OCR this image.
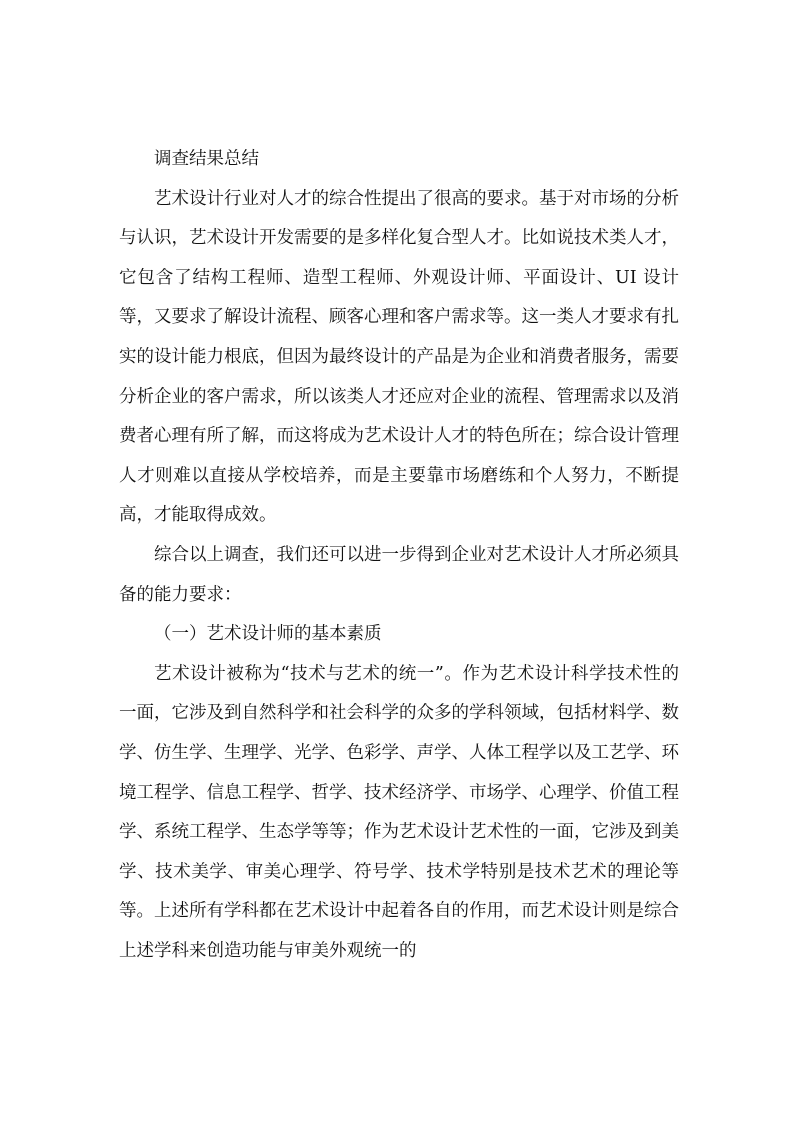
调查结果总结

艺术设计行业对人才的综合性提出了很高的要求。基于对市场的分析与认识，艺术设计开发需要的是多样化复合型人才。比如说技术类人才，它包含了结构工程师、造型工程师、外观设计师、平面设计、UI 设计等，又要求了解设计流程、顾客心理和客户需求等。这一类人才要求有扎实的设计能力根底，但因为最终设计的产品是为企业和消费者服务，需要分析企业的客户需求，所以该类人才还应对企业的流程、管理需求以及消费者心理有所了解，而这将成为艺术设计人才的特色所在；综合设计管理人才则难以直接从学校培养，而是主要靠市场磨练和个人努力，不断提高，才能取得成效。

综合以上调查，我们还可以进一步得到企业对艺术设计人才所必须具备的能力要求：

（一）艺术设计师的基本素质

艺术设计被称为“技术与艺术的统一”。作为艺术设计科学技术性的一面，它涉及到自然科学和社会科学的众多的学科领域，包括材料学、数学、仿生学、生理学、光学、色彩学、声学、人体工程学以及工艺学、环境工程学、信息工程学、哲学、技术经济学、市场学、心理学、价值工程学、系统工程学、生态学等等；作为艺术设计艺术性的一面，它涉及到美学、技术美学、审美心理学、符号学、技术学特别是技术艺术的理论等等。上述所有学科都在艺术设计中起着各自的作用，而艺术设计则是综合上述学科来创造功能与审美外观统一的
